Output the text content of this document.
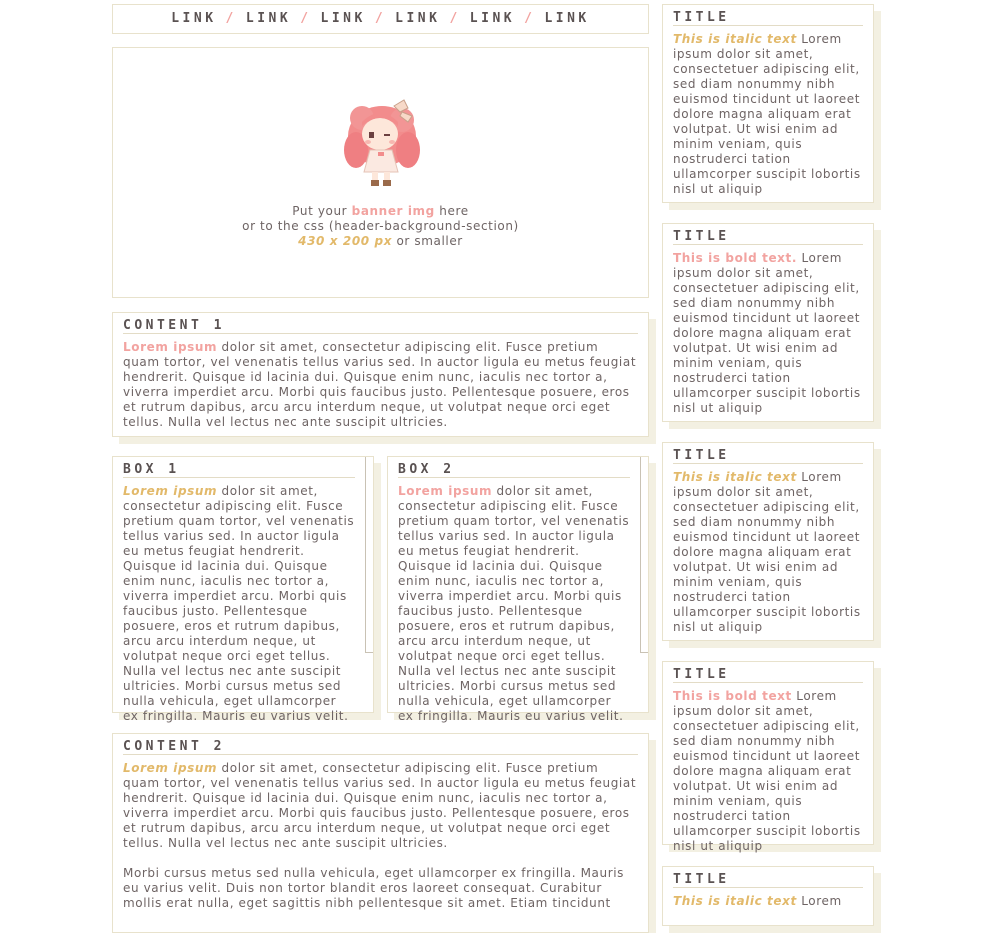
LINK / LINK / LINK / LINK / LINK / LINK
Put your banner img here
or to the css (header-background-section)
430 x 200 px or smaller
CONTENT 1

Lorem ipsum dolor sit amet, consectetur adipiscing elit. Fusce pretium quam tortor, vel venenatis tellus varius sed. In auctor ligula eu metus feugiat hendrerit. Quisque id lacinia dui. Quisque enim nunc, iaculis nec tortor a, viverra imperdiet arcu. Morbi quis faucibus justo. Pellentesque posuere, eros et rutrum dapibus, arcu arcu interdum neque, ut volutpat neque orci eget tellus. Nulla vel lectus nec ante suscipit ultricies.

BOX 1

Lorem ipsum dolor sit amet, consectetur adipiscing elit. Fusce pretium quam tortor, vel venenatis tellus varius sed. In auctor ligula eu metus feugiat hendrerit. Quisque id lacinia dui. Quisque enim nunc, iaculis nec tortor a, viverra imperdiet arcu. Morbi quis faucibus justo. Pellentesque posuere, eros et rutrum dapibus, arcu arcu interdum neque, ut volutpat neque orci eget tellus. Nulla vel lectus nec ante suscipit ultricies. Morbi cursus metus sed nulla vehicula, eget ullamcorper ex fringilla. Mauris eu varius velit.

BOX 2

Lorem ipsum dolor sit amet, consectetur adipiscing elit. Fusce pretium quam tortor, vel venenatis tellus varius sed. In auctor ligula eu metus feugiat hendrerit. Quisque id lacinia dui. Quisque enim nunc, iaculis nec tortor a, viverra imperdiet arcu. Morbi quis faucibus justo. Pellentesque posuere, eros et rutrum dapibus, arcu arcu interdum neque, ut volutpat neque orci eget tellus. Nulla vel lectus nec ante suscipit ultricies. Morbi cursus metus sed nulla vehicula, eget ullamcorper ex fringilla. Mauris eu varius velit.

CONTENT 2

Lorem ipsum dolor sit amet, consectetur adipiscing elit. Fusce pretium quam tortor, vel venenatis tellus varius sed. In auctor ligula eu metus feugiat hendrerit. Quisque id lacinia dui. Quisque enim nunc, iaculis nec tortor a, viverra imperdiet arcu. Morbi quis faucibus justo. Pellentesque posuere, eros et rutrum dapibus, arcu arcu interdum neque, ut volutpat neque orci eget tellus. Nulla vel lectus nec ante suscipit ultricies.

Morbi cursus metus sed nulla vehicula, eget ullamcorper ex fringilla. Mauris eu varius velit. Duis non tortor blandit eros laoreet consequat. Curabitur mollis erat nulla, eget sagittis nibh pellentesque sit amet. Etiam tincidunt

TITLE

This is italic text Lorem ipsum dolor sit amet, consectetuer adipiscing elit, sed diam nonummy nibh euismod tincidunt ut laoreet dolore magna aliquam erat volutpat. Ut wisi enim ad minim veniam, quis nostruderci tation ullamcorper suscipit lobortis nisl ut aliquip

TITLE

This is bold text. Lorem ipsum dolor sit amet, consectetuer adipiscing elit, sed diam nonummy nibh euismod tincidunt ut laoreet dolore magna aliquam erat volutpat. Ut wisi enim ad minim veniam, quis nostruderci tation ullamcorper suscipit lobortis nisl ut aliquip

TITLE

This is italic text Lorem ipsum dolor sit amet, consectetuer adipiscing elit, sed diam nonummy nibh euismod tincidunt ut laoreet dolore magna aliquam erat volutpat. Ut wisi enim ad minim veniam, quis nostruderci tation ullamcorper suscipit lobortis nisl ut aliquip

TITLE

This is bold text Lorem ipsum dolor sit amet, consectetuer adipiscing elit, sed diam nonummy nibh euismod tincidunt ut laoreet dolore magna aliquam erat volutpat. Ut wisi enim ad minim veniam, quis nostruderci tation ullamcorper suscipit lobortis nisl ut aliquip

TITLE

This is italic text Lorem
